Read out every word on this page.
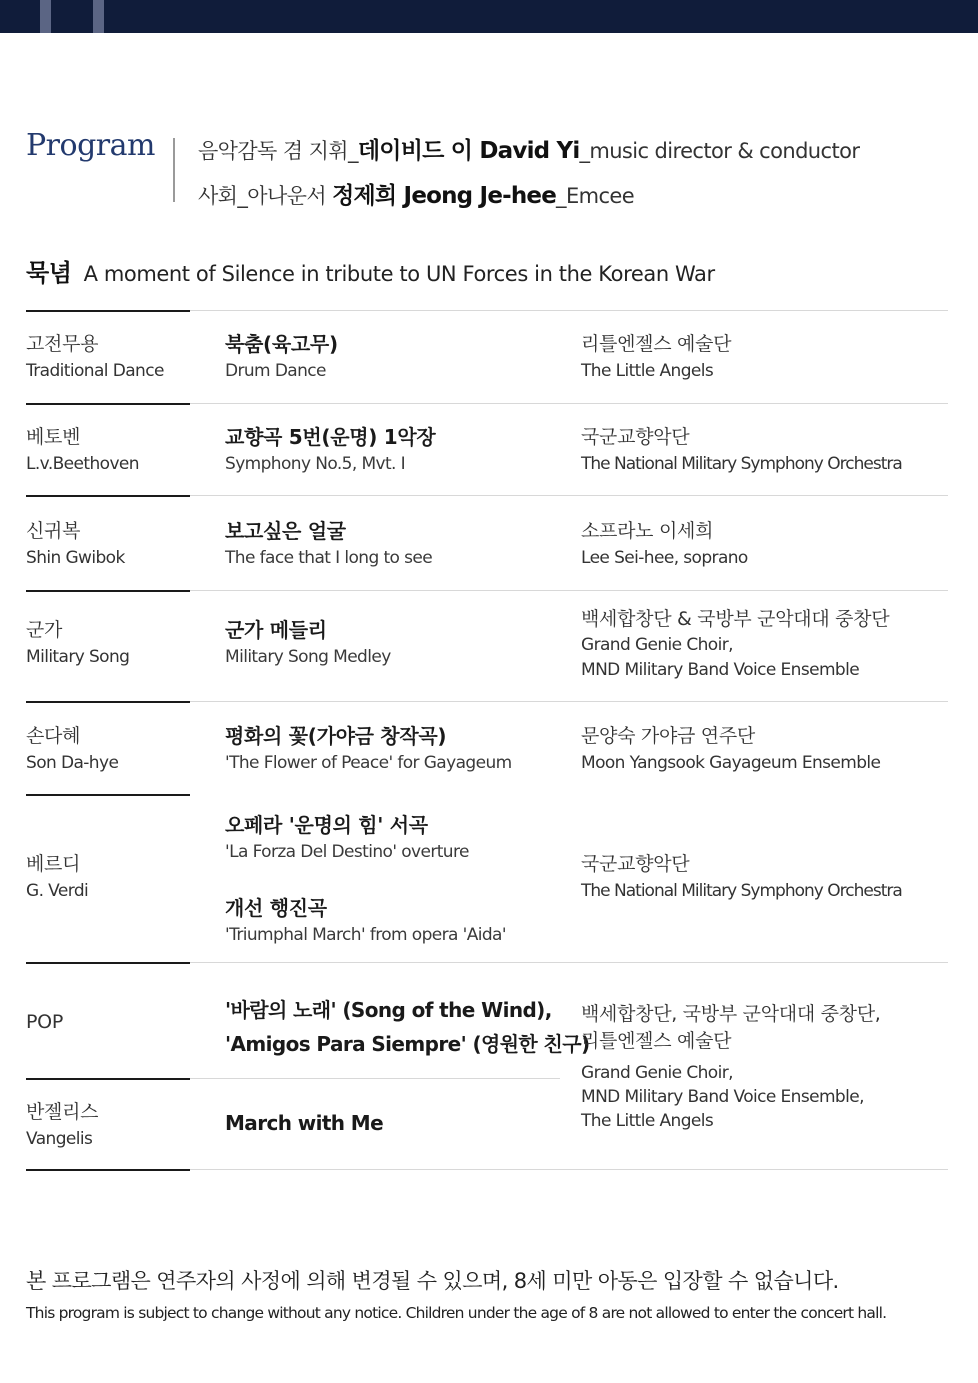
Program 음악감독 겸 지휘_데이비드 이 David Yi_music director & conductor
사회_아나운서 정제희 Jeong Je-hee_Emcee
묵념 A moment of Silence in tribute to UN Forces in the Korean War
고전무용
Traditional Dance
북춤(육고무)
Drum Dance
리틀엔젤스 예술단
The Little Angels
베토벤
L.v.Beethoven
교향곡 5번(운명) 1악장
Symphony No.5, Mvt. I
국군교향악단
The National Military Symphony Orchestra
신귀복
Shin Gwibok
보고싶은 얼굴
The face that I long to see
소프라노 이세희
Lee Sei-hee, soprano
군가
Military Song
군가 메들리
Military Song Medley
백세합창단 & 국방부 군악대대 중창단
Grand Genie Choir,
MND Military Band Voice Ensemble
손다혜
Son Da-hye
평화의 꽃(가야금 창작곡)
'The Flower of Peace' for Gayageum
문양숙 가야금 연주단
Moon Yangsook Gayageum Ensemble
베르디
G. Verdi
오페라 '운명의 힘' 서곡
'La Forza Del Destino' overture
개선 행진곡
'Triumphal March' from opera 'Aida'
국군교향악단
The National Military Symphony Orchestra
POP	'바람의 노래' (Song of the Wind),
'Amigos Para Siempre' (영원한 친구)
반젤리스
Vangelis
March with Me
백세합창단, 국방부 군악대대 중창단,
리틀엔젤스 예술단
Grand Genie Choir,
MND Military Band Voice Ensemble,
The Little Angels
본 프로그램은 연주자의 사정에 의해 변경될 수 있으며, 8세 미만 아동은 입장할 수 없습니다.
This program is subject to change without any notice. Children under the age of 8 are not allowed to enter the concert hall.
